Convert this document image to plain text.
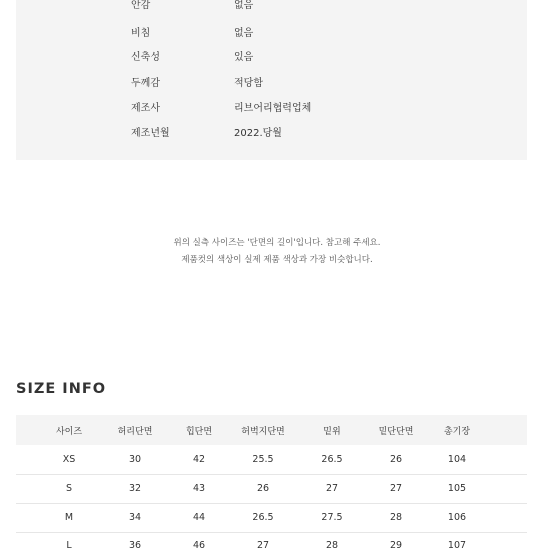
안감	없음
비침	없음
신축성	있음
두께감	적당함
제조사	리브어리협력업체
제조년월	2022.당월
위의 실측 사이즈는 '단면의 길이'입니다. 참고해 주세요.
제품컷의 색상이 실제 제품 색상과 가장 비슷합니다.
SIZE INFO
사이즈	허리단면	힙단면	허벅지단면	밑위	밑단단면	총기장
XS	30	42	25.5	26.5	26	104
S	32	43	26	27	27	105
M	34	44	26.5	27.5	28	106
L	36	46	27	28	29	107
